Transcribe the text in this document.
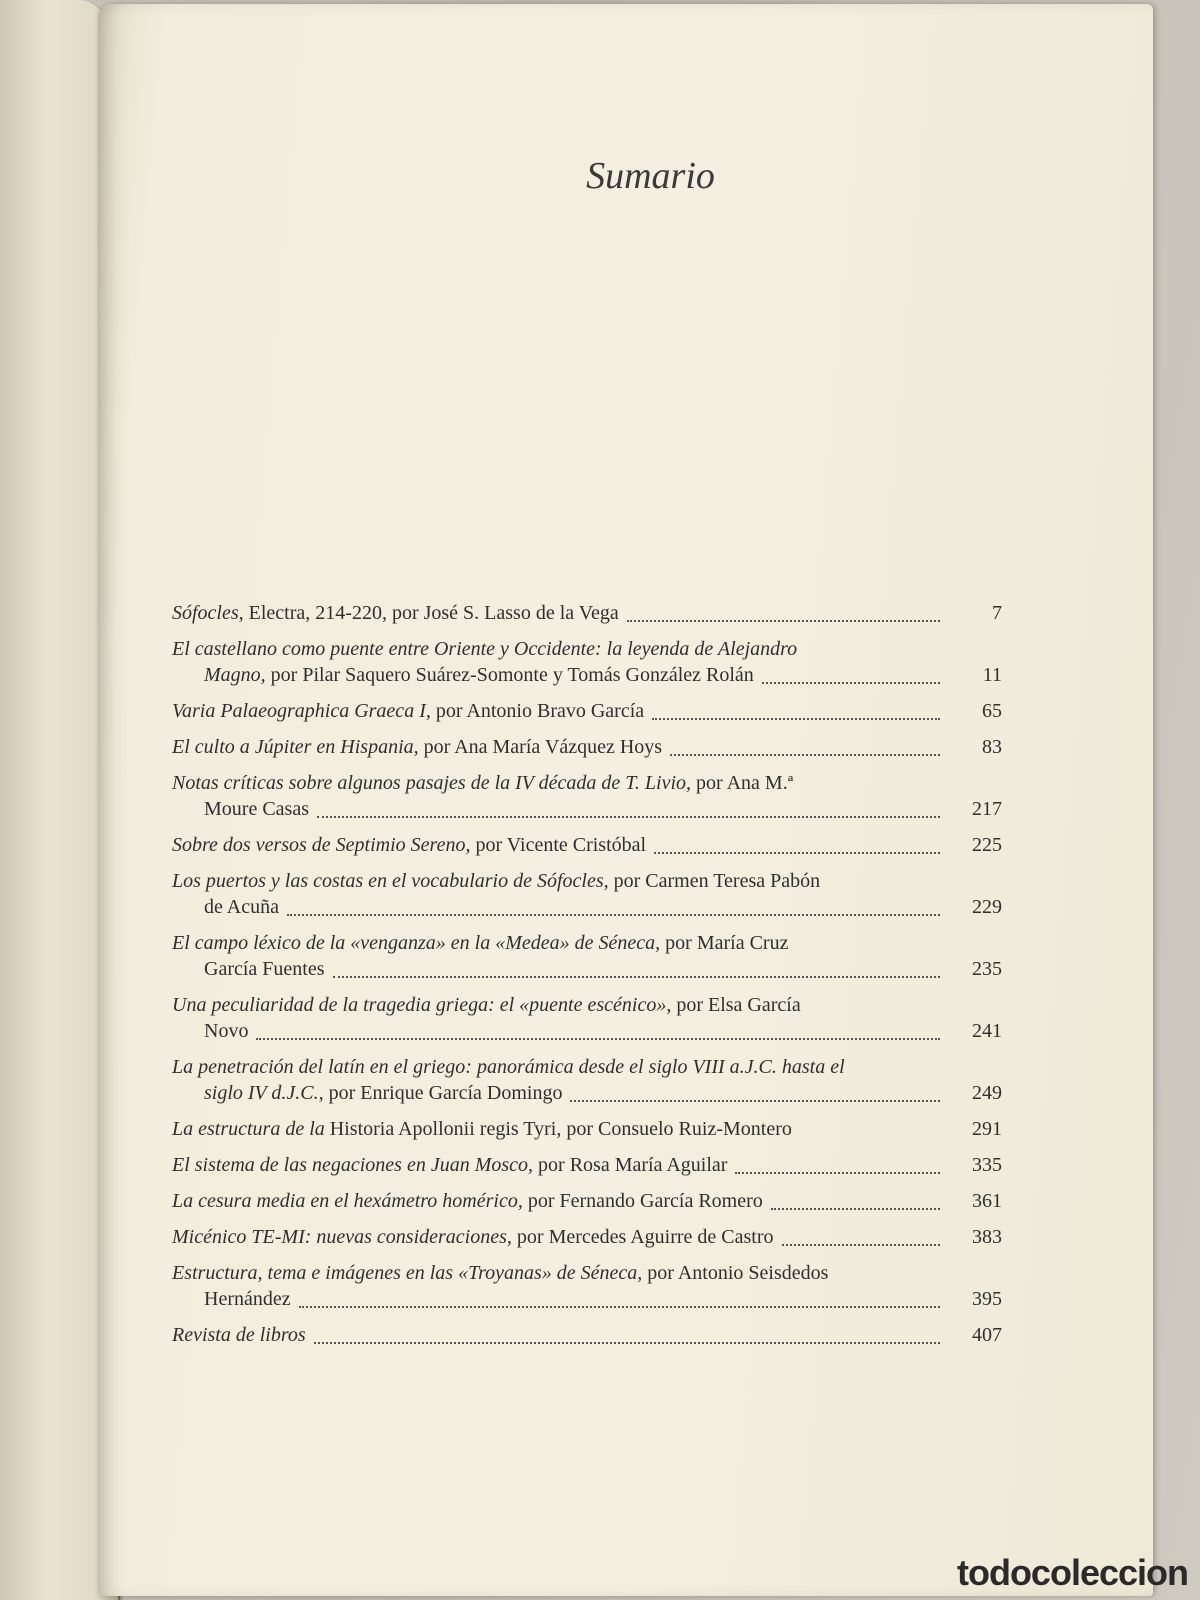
Sumario
Sófocles, Electra, 214-220, por José S. Lasso de la Vega	7
El castellano como puente entre Oriente y Occidente: la leyenda de Alejandro
Magno, por Pilar Saquero Suárez-Somonte y Tomás González Rolán	11
Varia Palaeographica Graeca I, por Antonio Bravo García	65
El culto a Júpiter en Hispania, por Ana María Vázquez Hoys	83
Notas críticas sobre algunos pasajes de la IV década de T. Livio, por Ana M.ª
Moure Casas	217
Sobre dos versos de Septimio Sereno, por Vicente Cristóbal	225
Los puertos y las costas en el vocabulario de Sófocles, por Carmen Teresa Pabón
de Acuña	229
El campo léxico de la «venganza» en la «Medea» de Séneca, por María Cruz
García Fuentes	235
Una peculiaridad de la tragedia griega: el «puente escénico», por Elsa García
Novo	241
La penetración del latín en el griego: panorámica desde el siglo VIII a.J.C. hasta el
siglo IV d.J.C., por Enrique García Domingo	249
La estructura de la Historia Apollonii regis Tyri, por Consuelo Ruiz-Montero	291
El sistema de las negaciones en Juan Mosco, por Rosa María Aguilar	335
La cesura media en el hexámetro homérico, por Fernando García Romero	361
Micénico TE-MI: nuevas consideraciones, por Mercedes Aguirre de Castro	383
Estructura, tema e imágenes en las «Troyanas» de Séneca, por Antonio Seisdedos
Hernández	395
Revista de libros	407
todocoleccion
